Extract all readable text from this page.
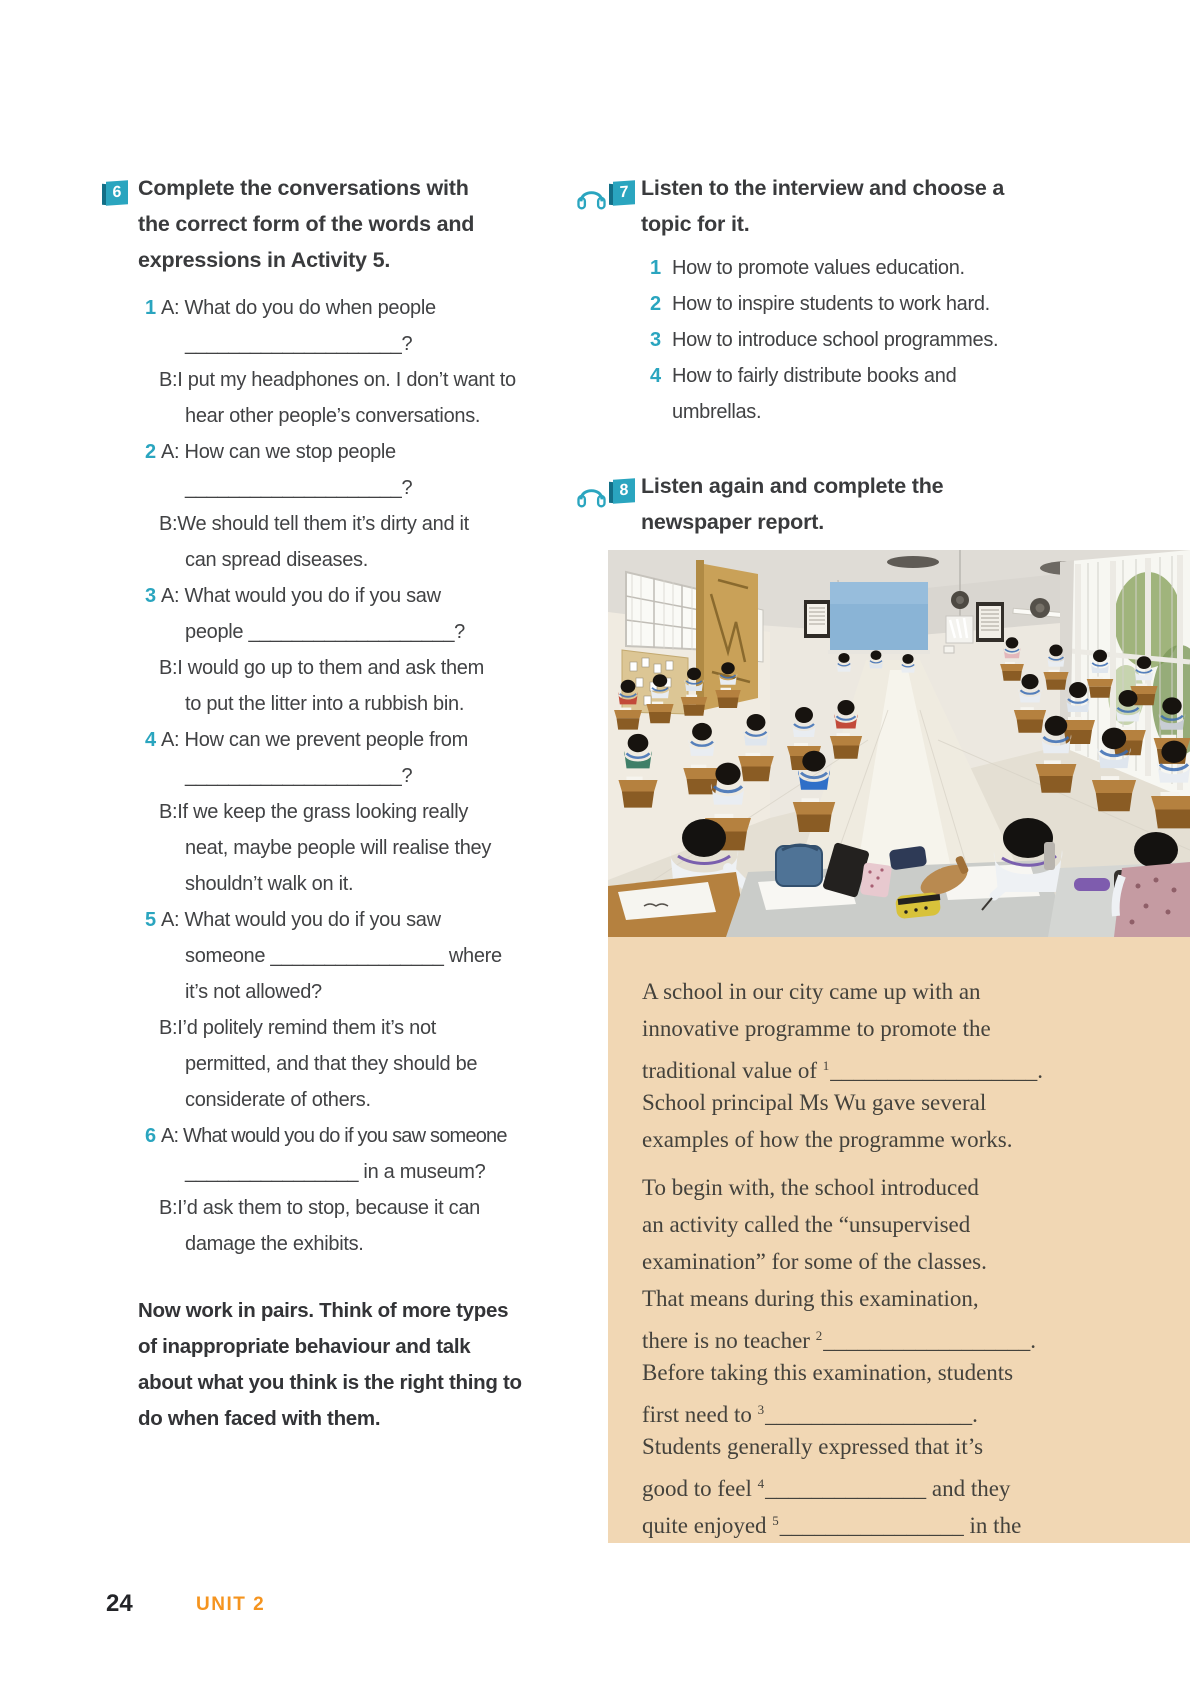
6 Complete the conversations with
the correct form of the words and
expressions in Activity 5.
1 A: What do you do when people
____________________?
B:I put my headphones on. I don’t want to
hear other people’s conversations.
2 A: How can we stop people
____________________?
B:We should tell them it’s dirty and it
can spread diseases.
3 A: What would you do if you saw
people ___________________?
B:I would go up to them and ask them
to put the litter into a rubbish bin.
4 A: How can we prevent people from
____________________?
B:If we keep the grass looking really
neat, maybe people will realise they
shouldn’t walk on it.
5 A: What would you do if you saw
someone ________________ where
it’s not allowed?
B:I’d politely remind them it’s not
permitted, and that they should be
considerate of others.
6 A: What would you do if you saw someone
________________ in a museum?
B:I’d ask them to stop, because it can
damage the exhibits.
Now work in pairs. Think of more types
of inappropriate behaviour and talk
about what you think is the right thing to
do when faced with them.
7 Listen to the interview and choose a
topic for it.
1 How to promote values education.
2 How to inspire students to work hard.
3 How to introduce school programmes.
4 How to fairly distribute books and
umbrellas.
8 Listen again and complete the
newspaper report.
A school in our city came up with an
innovative programme to promote the
traditional value of $^1$__________________.
School principal Ms Wu gave several
examples of how the programme works.
To begin with, the school introduced
an activity called the “unsupervised
examination” for some of the classes.
That means during this examination,
there is no teacher $^2$__________________.
Before taking this examination, students
first need to $^3$__________________.
Students generally expressed that it’s
good to feel $^4$______________ and they
quite enjoyed $^5$________________ in the
24	UNIT 2
